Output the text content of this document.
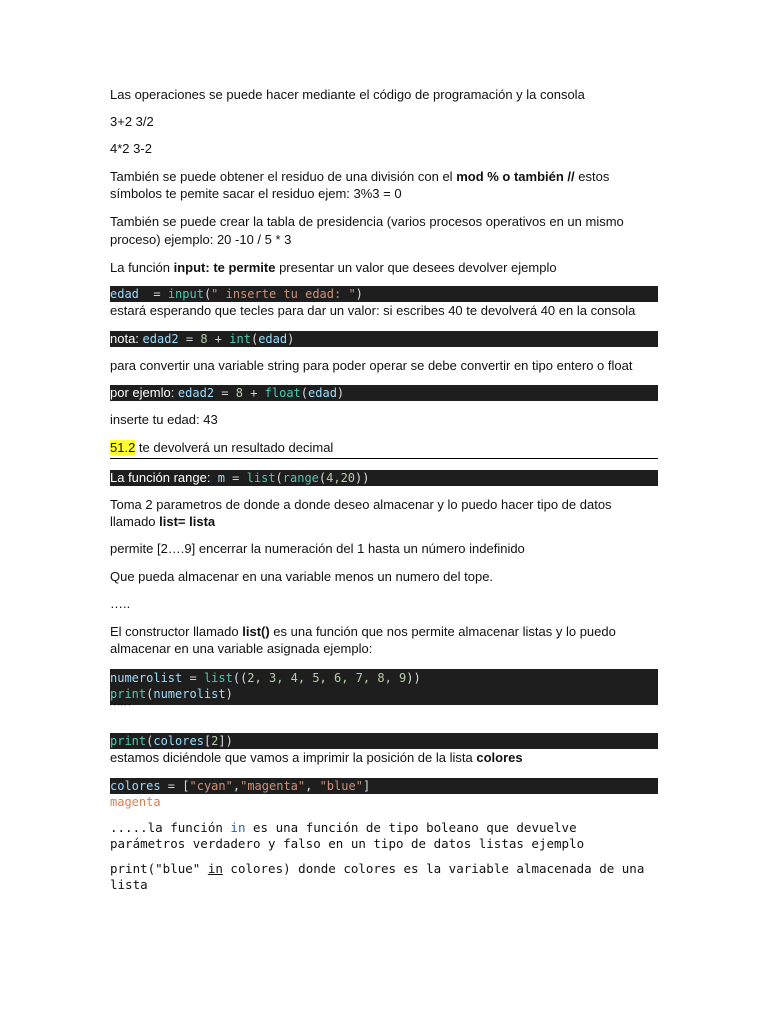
Las operaciones se puede hacer mediante el código de programación y la consola
3+2 3/2
4*2 3-2
También se puede obtener el residuo de una división con el mod % o también // estos
símbolos te pemite sacar el residuo ejem: 3%3 = 0
También se puede crear la tabla de presidencia (varios procesos operativos en un mismo
proceso) ejemplo: 20 -10 / 5 * 3
La función input: te permite presentar un valor que desees devolver ejemplo
edad  = input(" inserte tu edad: ")
estará esperando que tecles para dar un valor: si escribes 40 te devolverá 40 en la consola
nota: edad2 = 8 + int(edad)
para convertir una variable string para poder operar se debe convertir en tipo entero o float
por ejemlo: edad2 = 8 + float(edad)
inserte tu edad: 43
51.2 te devolverá un resultado decimal
La función range:  m = list(range(4,20))
Toma 2 parametros de donde a donde deseo almacenar y lo puedo hacer tipo de datos
llamado list= lista
permite [2….9] encerrar la numeración del 1 hasta un número indefinido
Que pueda almacenar en una variable menos un numero del tope.
…..
El constructor llamado list() es una función que nos permite almacenar listas y lo puedo
almacenar en una variable asignada ejemplo:
numerolist = list((2, 3, 4, 5, 6, 7, 8, 9))
print(numerolist)
´´´´´´
print(colores[2])
estamos diciéndole que vamos a imprimir la posición de la lista colores
colores = ["cyan","magenta", "blue"]
magenta
.....la función in es una función de tipo boleano que devuelve
parámetros verdadero y falso en un tipo de datos listas ejemplo
print("blue" in colores) donde colores es la variable almacenada de una
lista
